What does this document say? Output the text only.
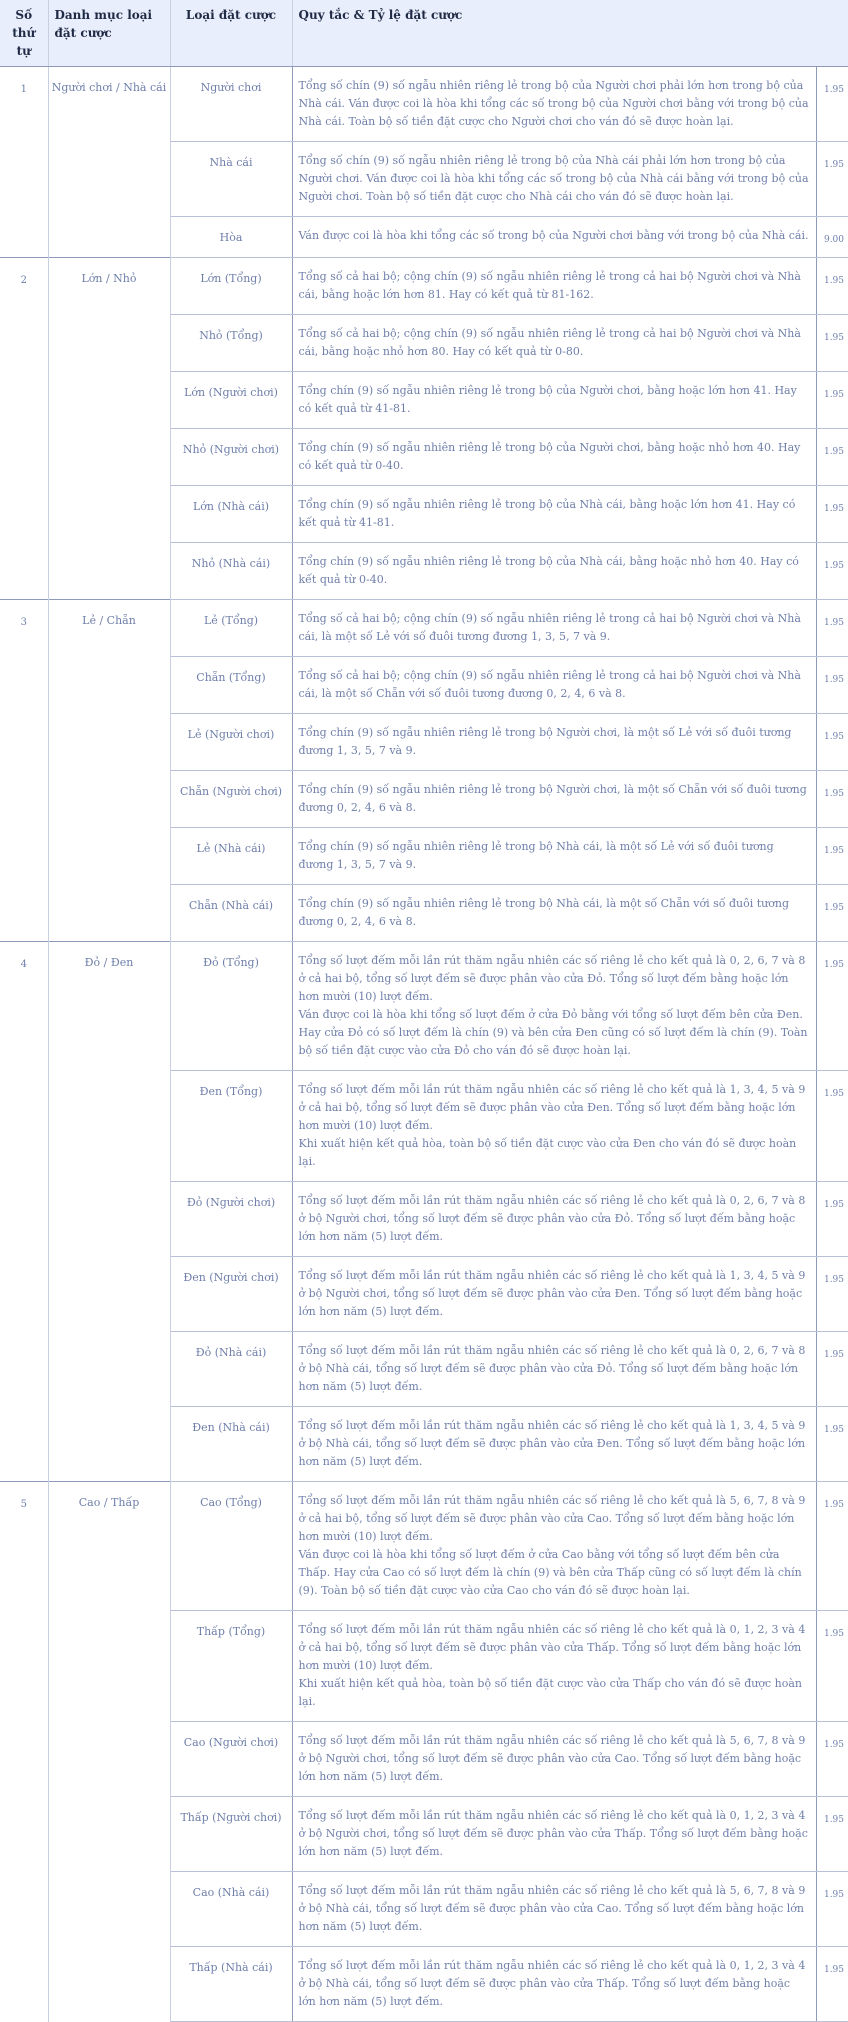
Số thứ tự	Danh mục loại đặt cược	Loại đặt cược	Quy tắc & Tỷ lệ đặt cược	
1	Người chơi / Nhà cái	Người chơi	Tổng số chín (9) số ngẫu nhiên riêng lẻ trong bộ của Người chơi phải lớn hơn trong bộ của Nhà cái. Ván được coi là hòa khi tổng các số trong bộ của Người chơi bằng với trong bộ của Nhà cái. Toàn bộ số tiền đặt cược cho Người chơi cho ván đó sẽ được hoàn lại.	1.95
		Nhà cái	Tổng số chín (9) số ngẫu nhiên riêng lẻ trong bộ của Nhà cái phải lớn hơn trong bộ của Người chơi. Ván được coi là hòa khi tổng các số trong bộ của Nhà cái bằng với trong bộ của Người chơi. Toàn bộ số tiền đặt cược cho Nhà cái cho ván đó sẽ được hoàn lại.	1.95
		Hòa	Ván được coi là hòa khi tổng các số trong bộ của Người chơi bằng với trong bộ của Nhà cái.	9.00
2	Lớn / Nhỏ	Lớn (Tổng)	Tổng số cả hai bộ; cộng chín (9) số ngẫu nhiên riêng lẻ trong cả hai bộ Người chơi và Nhà cái, bằng hoặc lớn hơn 81. Hay có kết quả từ 81-162.	1.95
		Nhỏ (Tổng)	Tổng số cả hai bộ; cộng chín (9) số ngẫu nhiên riêng lẻ trong cả hai bộ Người chơi và Nhà cái, bằng hoặc nhỏ hơn 80. Hay có kết quả từ 0-80.	1.95
		Lớn (Người chơi)	Tổng chín (9) số ngẫu nhiên riêng lẻ trong bộ của Người chơi, bằng hoặc lớn hơn 41. Hay có kết quả từ 41-81.	1.95
		Nhỏ (Người chơi)	Tổng chín (9) số ngẫu nhiên riêng lẻ trong bộ của Người chơi, bằng hoặc nhỏ hơn 40. Hay có kết quả từ 0-40.	1.95
		Lớn (Nhà cái)	Tổng chín (9) số ngẫu nhiên riêng lẻ trong bộ của Nhà cái, bằng hoặc lớn hơn 41. Hay có kết quả từ 41-81.	1.95
		Nhỏ (Nhà cái)	Tổng chín (9) số ngẫu nhiên riêng lẻ trong bộ của Nhà cái, bằng hoặc nhỏ hơn 40. Hay có kết quả từ 0-40.	1.95
3	Lẻ / Chẵn	Lẻ (Tổng)	Tổng số cả hai bộ; cộng chín (9) số ngẫu nhiên riêng lẻ trong cả hai bộ Người chơi và Nhà cái, là một số Lẻ với số đuôi tương đương 1, 3, 5, 7 và 9.	1.95
		Chẵn (Tổng)	Tổng số cả hai bộ; cộng chín (9) số ngẫu nhiên riêng lẻ trong cả hai bộ Người chơi và Nhà cái, là một số Chẵn với số đuôi tương đương 0, 2, 4, 6 và 8.	1.95
		Lẻ (Người chơi)	Tổng chín (9) số ngẫu nhiên riêng lẻ trong bộ Người chơi, là một số Lẻ với số đuôi tương đương 1, 3, 5, 7 và 9.	1.95
		Chẵn (Người chơi)	Tổng chín (9) số ngẫu nhiên riêng lẻ trong bộ Người chơi, là một số Chẵn với số đuôi tương đương 0, 2, 4, 6 và 8.	1.95
		Lẻ (Nhà cái)	Tổng chín (9) số ngẫu nhiên riêng lẻ trong bộ Nhà cái, là một số Lẻ với số đuôi tương đương 1, 3, 5, 7 và 9.	1.95
		Chẵn (Nhà cái)	Tổng chín (9) số ngẫu nhiên riêng lẻ trong bộ Nhà cái, là một số Chẵn với số đuôi tương đương 0, 2, 4, 6 và 8.	1.95
4	Đỏ / Đen	Đỏ (Tổng)	Tổng số lượt đếm mỗi lần rút thăm ngẫu nhiên các số riêng lẻ cho kết quả là 0, 2, 6, 7 và 8 ở cả hai bộ, tổng số lượt đếm sẽ được phân vào cửa Đỏ. Tổng số lượt đếm bằng hoặc lớn hơn mười (10) lượt đếm.
Ván được coi là hòa khi tổng số lượt đếm ở cửa Đỏ bằng với tổng số lượt đếm bên cửa Đen. Hay cửa Đỏ có số lượt đếm là chín (9) và bên cửa Đen cũng có số lượt đếm là chín (9). Toàn bộ số tiền đặt cược vào cửa Đỏ cho ván đó sẽ được hoàn lại.	1.95
		Đen (Tổng)	Tổng số lượt đếm mỗi lần rút thăm ngẫu nhiên các số riêng lẻ cho kết quả là 1, 3, 4, 5 và 9 ở cả hai bộ, tổng số lượt đếm sẽ được phân vào cửa Đen. Tổng số lượt đếm bằng hoặc lớn hơn mười (10) lượt đếm.
Khi xuất hiện kết quả hòa, toàn bộ số tiền đặt cược vào cửa Đen cho ván đó sẽ được hoàn lại.	1.95
		Đỏ (Người chơi)	Tổng số lượt đếm mỗi lần rút thăm ngẫu nhiên các số riêng lẻ cho kết quả là 0, 2, 6, 7 và 8 ở bộ Người chơi, tổng số lượt đếm sẽ được phân vào cửa Đỏ. Tổng số lượt đếm bằng hoặc lớn hơn năm (5) lượt đếm.	1.95
		Đen (Người chơi)	Tổng số lượt đếm mỗi lần rút thăm ngẫu nhiên các số riêng lẻ cho kết quả là 1, 3, 4, 5 và 9 ở bộ Người chơi, tổng số lượt đếm sẽ được phân vào cửa Đen. Tổng số lượt đếm bằng hoặc lớn hơn năm (5) lượt đếm.	1.95
		Đỏ (Nhà cái)	Tổng số lượt đếm mỗi lần rút thăm ngẫu nhiên các số riêng lẻ cho kết quả là 0, 2, 6, 7 và 8 ở bộ Nhà cái, tổng số lượt đếm sẽ được phân vào cửa Đỏ. Tổng số lượt đếm bằng hoặc lớn hơn năm (5) lượt đếm.	1.95
		Đen (Nhà cái)	Tổng số lượt đếm mỗi lần rút thăm ngẫu nhiên các số riêng lẻ cho kết quả là 1, 3, 4, 5 và 9 ở bộ Nhà cái, tổng số lượt đếm sẽ được phân vào cửa Đen. Tổng số lượt đếm bằng hoặc lớn hơn năm (5) lượt đếm.	1.95
5	Cao / Thấp	Cao (Tổng)	Tổng số lượt đếm mỗi lần rút thăm ngẫu nhiên các số riêng lẻ cho kết quả là 5, 6, 7, 8 và 9 ở cả hai bộ, tổng số lượt đếm sẽ được phân vào cửa Cao. Tổng số lượt đếm bằng hoặc lớn hơn mười (10) lượt đếm.
Ván được coi là hòa khi tổng số lượt đếm ở cửa Cao bằng với tổng số lượt đếm bên cửa Thấp. Hay cửa Cao có số lượt đếm là chín (9) và bên cửa Thấp cũng có số lượt đếm là chín (9). Toàn bộ số tiền đặt cược vào cửa Cao cho ván đó sẽ được hoàn lại.	1.95
		Thấp (Tổng)	Tổng số lượt đếm mỗi lần rút thăm ngẫu nhiên các số riêng lẻ cho kết quả là 0, 1, 2, 3 và 4 ở cả hai bộ, tổng số lượt đếm sẽ được phân vào cửa Thấp. Tổng số lượt đếm bằng hoặc lớn hơn mười (10) lượt đếm.
Khi xuất hiện kết quả hòa, toàn bộ số tiền đặt cược vào cửa Thấp cho ván đó sẽ được hoàn lại.	1.95
		Cao (Người chơi)	Tổng số lượt đếm mỗi lần rút thăm ngẫu nhiên các số riêng lẻ cho kết quả là 5, 6, 7, 8 và 9 ở bộ Người chơi, tổng số lượt đếm sẽ được phân vào cửa Cao. Tổng số lượt đếm bằng hoặc lớn hơn năm (5) lượt đếm.	1.95
		Thấp (Người chơi)	Tổng số lượt đếm mỗi lần rút thăm ngẫu nhiên các số riêng lẻ cho kết quả là 0, 1, 2, 3 và 4 ở bộ Người chơi, tổng số lượt đếm sẽ được phân vào cửa Thấp. Tổng số lượt đếm bằng hoặc lớn hơn năm (5) lượt đếm.	1.95
		Cao (Nhà cái)	Tổng số lượt đếm mỗi lần rút thăm ngẫu nhiên các số riêng lẻ cho kết quả là 5, 6, 7, 8 và 9 ở bộ Nhà cái, tổng số lượt đếm sẽ được phân vào cửa Cao. Tổng số lượt đếm bằng hoặc lớn hơn năm (5) lượt đếm.	1.95
		Thấp (Nhà cái)	Tổng số lượt đếm mỗi lần rút thăm ngẫu nhiên các số riêng lẻ cho kết quả là 0, 1, 2, 3 và 4 ở bộ Nhà cái, tổng số lượt đếm sẽ được phân vào cửa Thấp. Tổng số lượt đếm bằng hoặc lớn hơn năm (5) lượt đếm.	1.95
